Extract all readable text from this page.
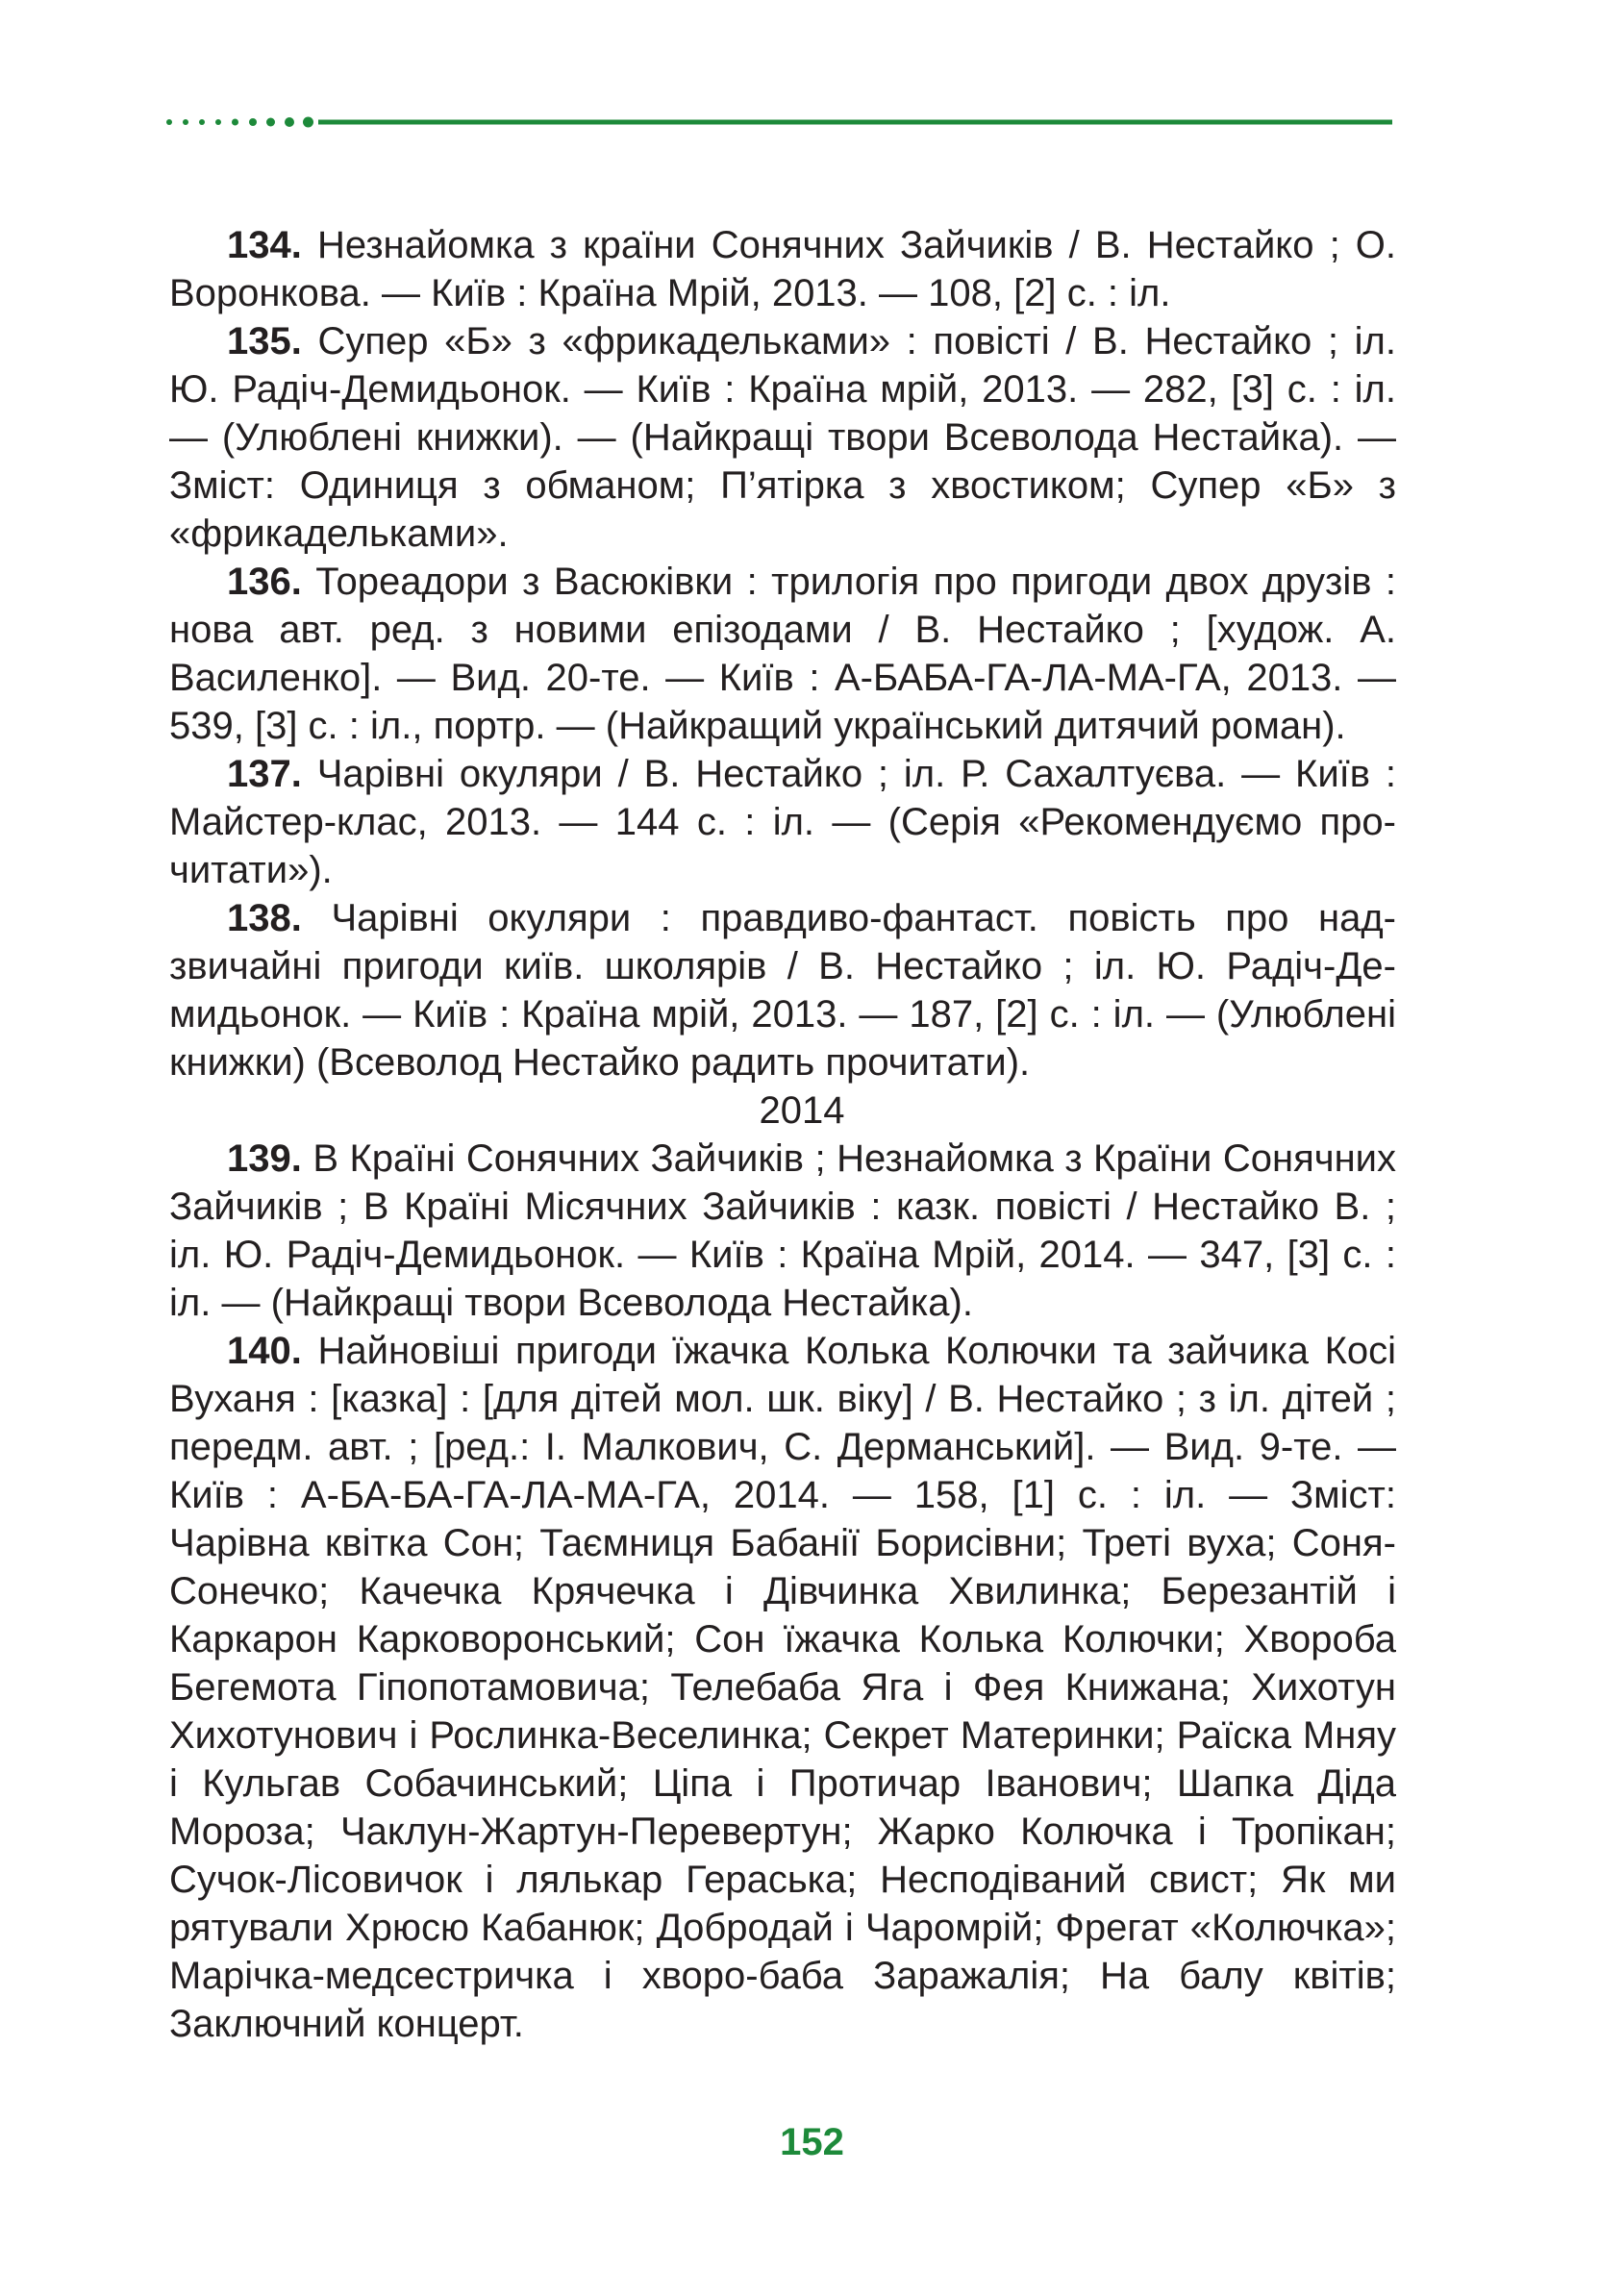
134. Незнайомка з країни Сонячних Зайчиків / В. Нестайко ; О. Воронкова. — Київ : Країна Мрій, 2013. — 108, [2] с. : іл.

135. Супер «Б» з «фрикадельками» : повісті / В. Нестайко ; іл. Ю. Радіч-Демидьонок. — Київ : Країна мрій, 2013. — 282, [3] с. : іл. — (Улюблені книжки). — (Найкращі твори Всеволода Нестайка). — Зміст: Одиниця з обманом; П’ятірка з хвостиком; Супер «Б» з «фрикадельками».

136. Тореадори з Васюківки : трилогія про пригоди двох друзів : нова авт. ред. з новими епізодами / В. Нестайко ; [худож. А. Василенко]. — Вид. 20-те. — Київ : А-БАБА-ГА-ЛА-МА-ГА, 2013. — 539, [3] с. : іл., портр. — (Найкращий український дитячий роман).

137. Чарівні окуляри / В. Нестайко ; іл. Р. Сахалтуєва. — Київ : Майстер-клас, 2013. — 144 с. : іл. — (Серія «Рекомендуємо прочитати»).

138. Чарівні окуляри : правдиво-фантаст. повість про надзвичайні пригоди київ. школярів / В. Нестайко ; іл. Ю. Радіч-Демидьонок. — Київ : Країна мрій, 2013. — 187, [2] с. : іл. — (Улюблені книжки) (Всеволод Нестайко радить прочитати).

2014

139. В Країні Сонячних Зайчиків ; Незнайомка з Країни Сонячних Зайчиків ; В Країні Місячних Зайчиків : казк. повісті / Нестайко В. ; іл. Ю. Радіч-Демидьонок. — Київ : Країна Мрій, 2014. — 347, [3] с. : іл. — (Найкращі твори Всеволода Нестайка).

140. Найновіші пригоди їжачка Колька Колючки та зайчика Косі Вуханя : [казка] : [для дітей мол. шк. віку] / В. Нестайко ; з іл. дітей ; передм. авт. ; [ред.: І. Малкович, С. Дерманський]. — Вид. 9-те. — Київ : А-БА-БА-ГА-ЛА-МА-ГА, 2014. — 158, [1] с. : іл. — Зміст: Чарівна квітка Сон; Таємниця Бабанії Борисівни; Треті вуха; Соня-Сонечко; Качечка Крячечка і Дівчинка Хвилинка; Березантій і Каркарон Карковоронський; Сон їжачка Колька Колючки; Хвороба Бегемота Гіпопотамовича; Телебаба Яга і Фея Книжана; Хихотун Хихотунович і Рослинка-Веселинка; Секрет Материнки; Раїска Мняу і Кульгав Собачинський; Ціпа і Протичар Іванович; Шапка Діда Мороза; Чаклун-Жартун-Перевертун; Жарко Колючка і Тропікан; Сучок-Лісовичок і лялькар Гераська; Несподіваний свист; Як ми рятували Хрюсю Кабанюк; Добродай і Чаромрій; Фрегат «Колючка»; Марічка-медсестричка і хворо-баба Заражалія; На балу квітів; Заключний концерт.

152
